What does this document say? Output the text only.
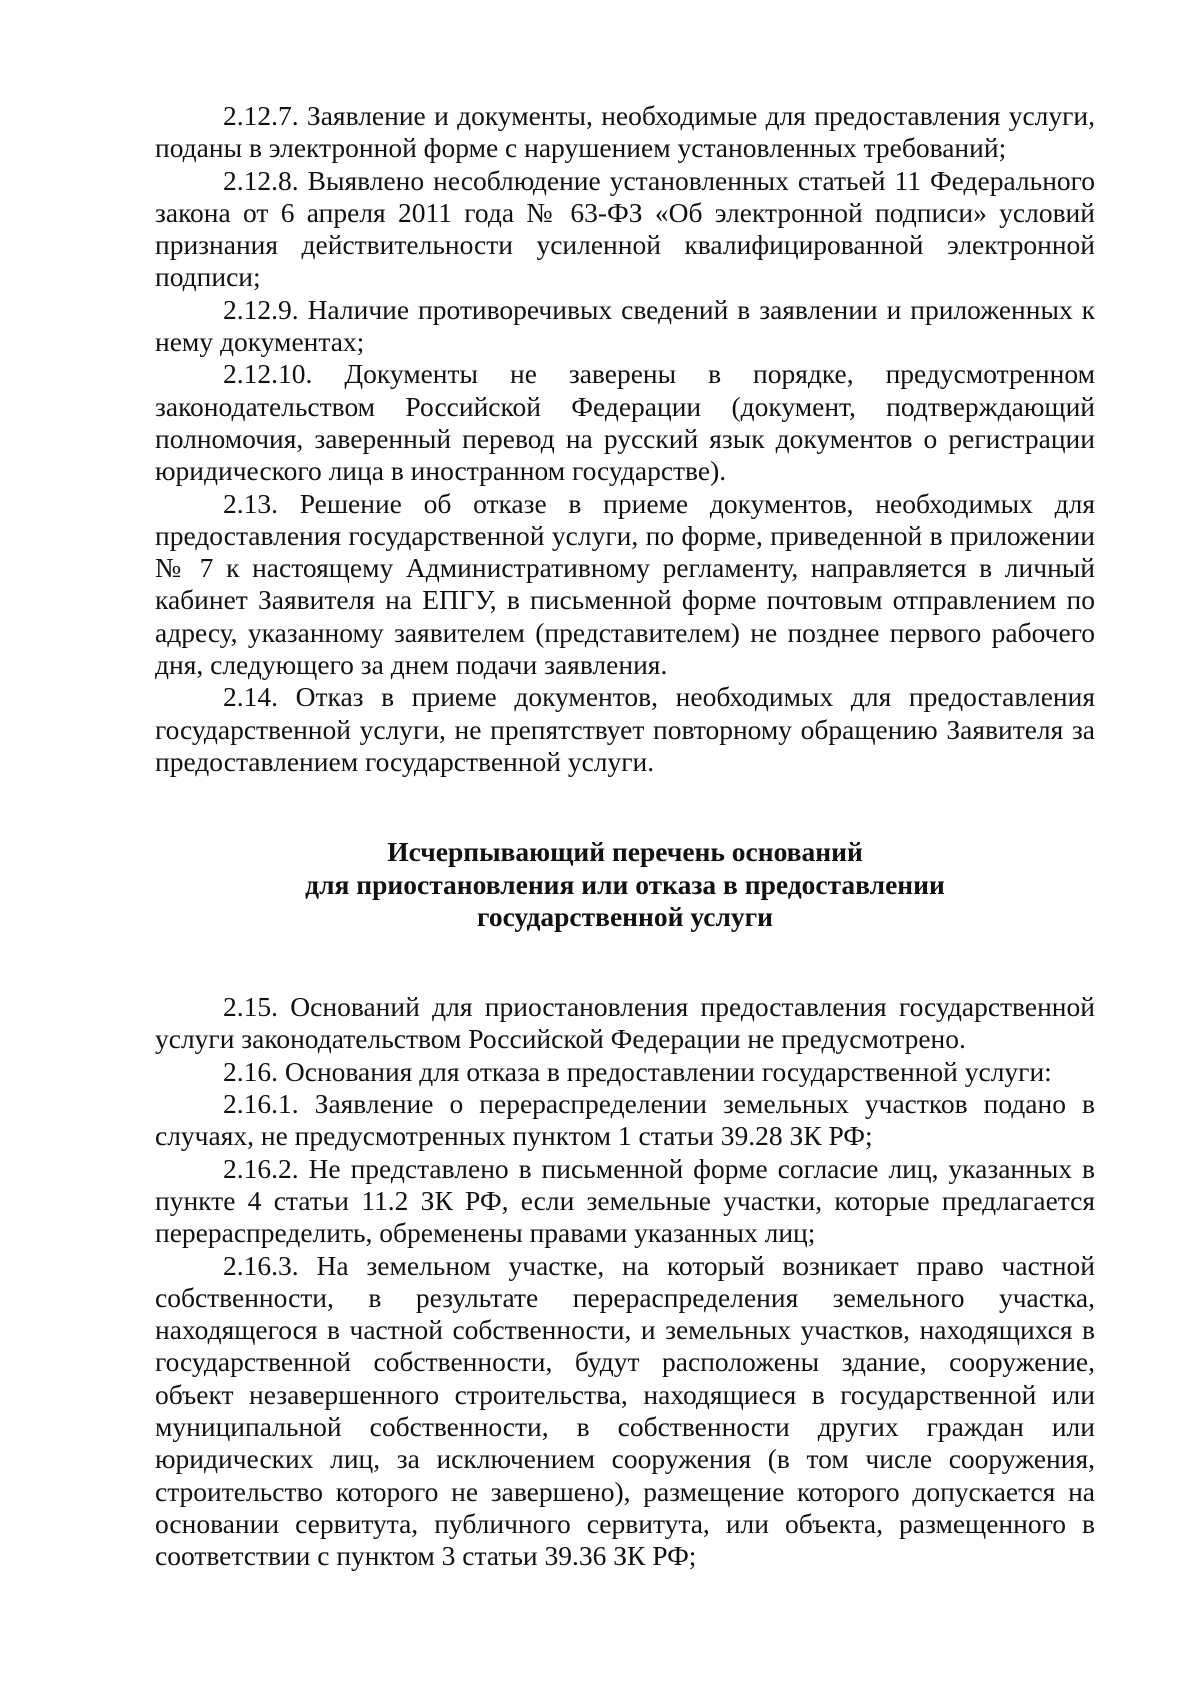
2.12.7. Заявление и документы, необходимые для предоставления услуги, поданы в электронной форме с нарушением установленных требований;

2.12.8. Выявлено несоблюдение установленных статьей 11 Федерального закона от 6 апреля 2011 года № 63-ФЗ «Об электронной подписи» условий признания действительности усиленной квалифицированной электронной подписи;

2.12.9. Наличие противоречивых сведений в заявлении и приложенных к нему документах;

2.12.10. Документы не заверены в порядке, предусмотренном законодательством Российской Федерации (документ, подтверждающий полномочия, заверенный перевод на русский язык документов о регистрации юридического лица в иностранном государстве).

2.13. Решение об отказе в приеме документов, необходимых для предоставления государственной услуги, по форме, приведенной в приложении № 7 к настоящему Административному регламенту, направляется в личный кабинет Заявителя на ЕПГУ, в письменной форме почтовым отправлением по адресу, указанному заявителем (представителем) не позднее первого рабочего дня, следующего за днем подачи заявления.

2.14. Отказ в приеме документов, необходимых для предоставления государственной услуги, не препятствует повторному обращению Заявителя за предоставлением государственной услуги.

Исчерпывающий перечень оснований
для приостановления или отказа в предоставлении
государственной услуги

2.15. Оснований для приостановления предоставления государственной услуги законодательством Российской Федерации не предусмотрено.

2.16. Основания для отказа в предоставлении государственной услуги:

2.16.1. Заявление о перераспределении земельных участков подано в случаях, не предусмотренных пунктом 1 статьи 39.28 ЗК РФ;

2.16.2. Не представлено в письменной форме согласие лиц, указанных в пункте 4 статьи 11.2 ЗК РФ, если земельные участки, которые предлагается перераспределить, обременены правами указанных лиц;

2.16.3. На земельном участке, на который возникает право частной собственности, в результате перераспределения земельного участка, находящегося в частной собственности, и земельных участков, находящихся в государственной собственности, будут расположены здание, сооружение, объект незавершенного строительства, находящиеся в государственной или муниципальной собственности, в собственности других граждан или юридических лиц, за исключением сооружения (в том числе сооружения, строительство которого не завершено), размещение которого допускается на основании сервитута, публичного сервитута, или объекта, размещенного в соответствии с пунктом 3 статьи 39.36 ЗК РФ;
